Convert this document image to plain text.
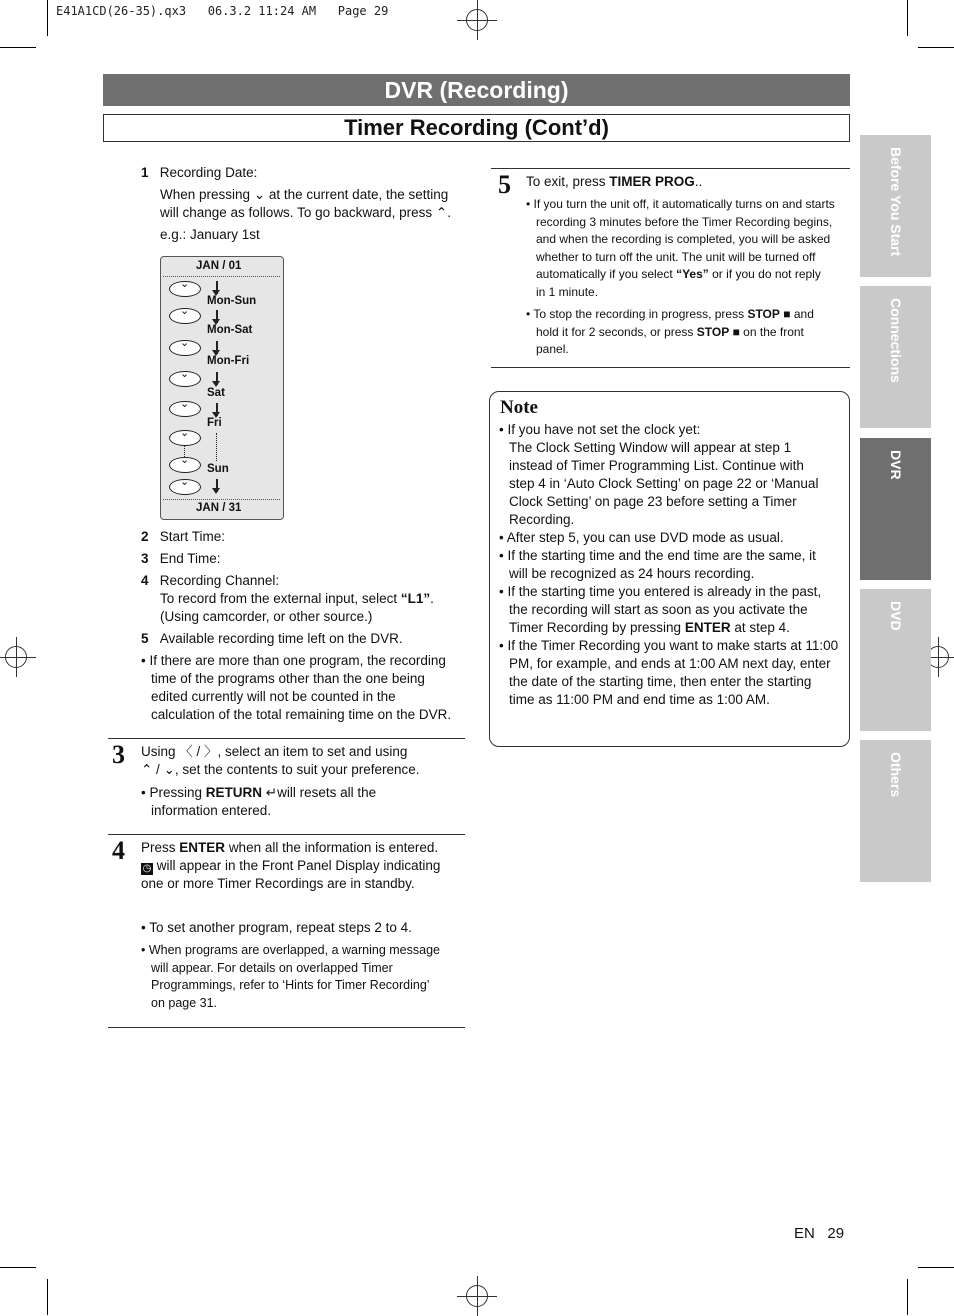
E41A1CD(26-35).qx3   06.3.2 11:24 AM   Page 29
DVR (Recording)
Timer Recording (Cont’d)
Before You Start
Connections
DVR
DVD
Others
1 Recording Date:
When pressing ⌄ at the current date, the setting
will change as follows. To go backward, press ⌃.
e.g.: January 1st
JAN / 01
⌄
Mon-Sun
⌄
Mon-Sat
⌄
Mon-Fri
⌄
Sat
⌄
Fri
⌄
⌄
Sun
⌄
JAN / 31
2 Start Time:
3 End Time:
4 Recording Channel:
To record from the external input, select “L1”.
(Using camcorder, or other source.)
5 Available recording time left on the DVR.
• If there are more than one program, the recording
time of the programs other than the one being
edited currently will not be counted in the
calculation of the total remaining time on the DVR.
3 Using 〈 / 〉, select an item to set and using
⌃ / ⌄, set the contents to suit your preference.
• Pressing RETURN ↵will resets all the
information entered.
4 Press ENTER when all the information is entered.
◷ will appear in the Front Panel Display indicating
one or more Timer Recordings are in standby.
• To set another program, repeat steps 2 to 4.
• When programs are overlapped, a warning message
will appear. For details on overlapped Timer
Programmings, refer to ‘Hints for Timer Recording’
on page 31.
5 To exit, press TIMER PROG..
• If you turn the unit off, it automatically turns on and starts
recording 3 minutes before the Timer Recording begins,
and when the recording is completed, you will be asked
whether to turn off the unit. The unit will be turned off
automatically if you select “Yes” or if you do not reply
in 1 minute.
• To stop the recording in progress, press STOP ■ and
hold it for 2 seconds, or press STOP ■ on the front
panel.
Note
• If you have not set the clock yet:
The Clock Setting Window will appear at step 1
instead of Timer Programming List. Continue with
step 4 in ‘Auto Clock Setting’ on page 22 or ‘Manual
Clock Setting’ on page 23 before setting a Timer
Recording.
• After step 5, you can use DVD mode as usual.
• If the starting time and the end time are the same, it
will be recognized as 24 hours recording.
• If the starting time you entered is already in the past,
the recording will start as soon as you activate the
Timer Recording by pressing ENTER at step 4.
• If the Timer Recording you want to make starts at 11:00
PM, for example, and ends at 1:00 AM next day, enter
the date of the starting time, then enter the starting
time as 11:00 PM and end time as 1:00 AM.
EN 29
